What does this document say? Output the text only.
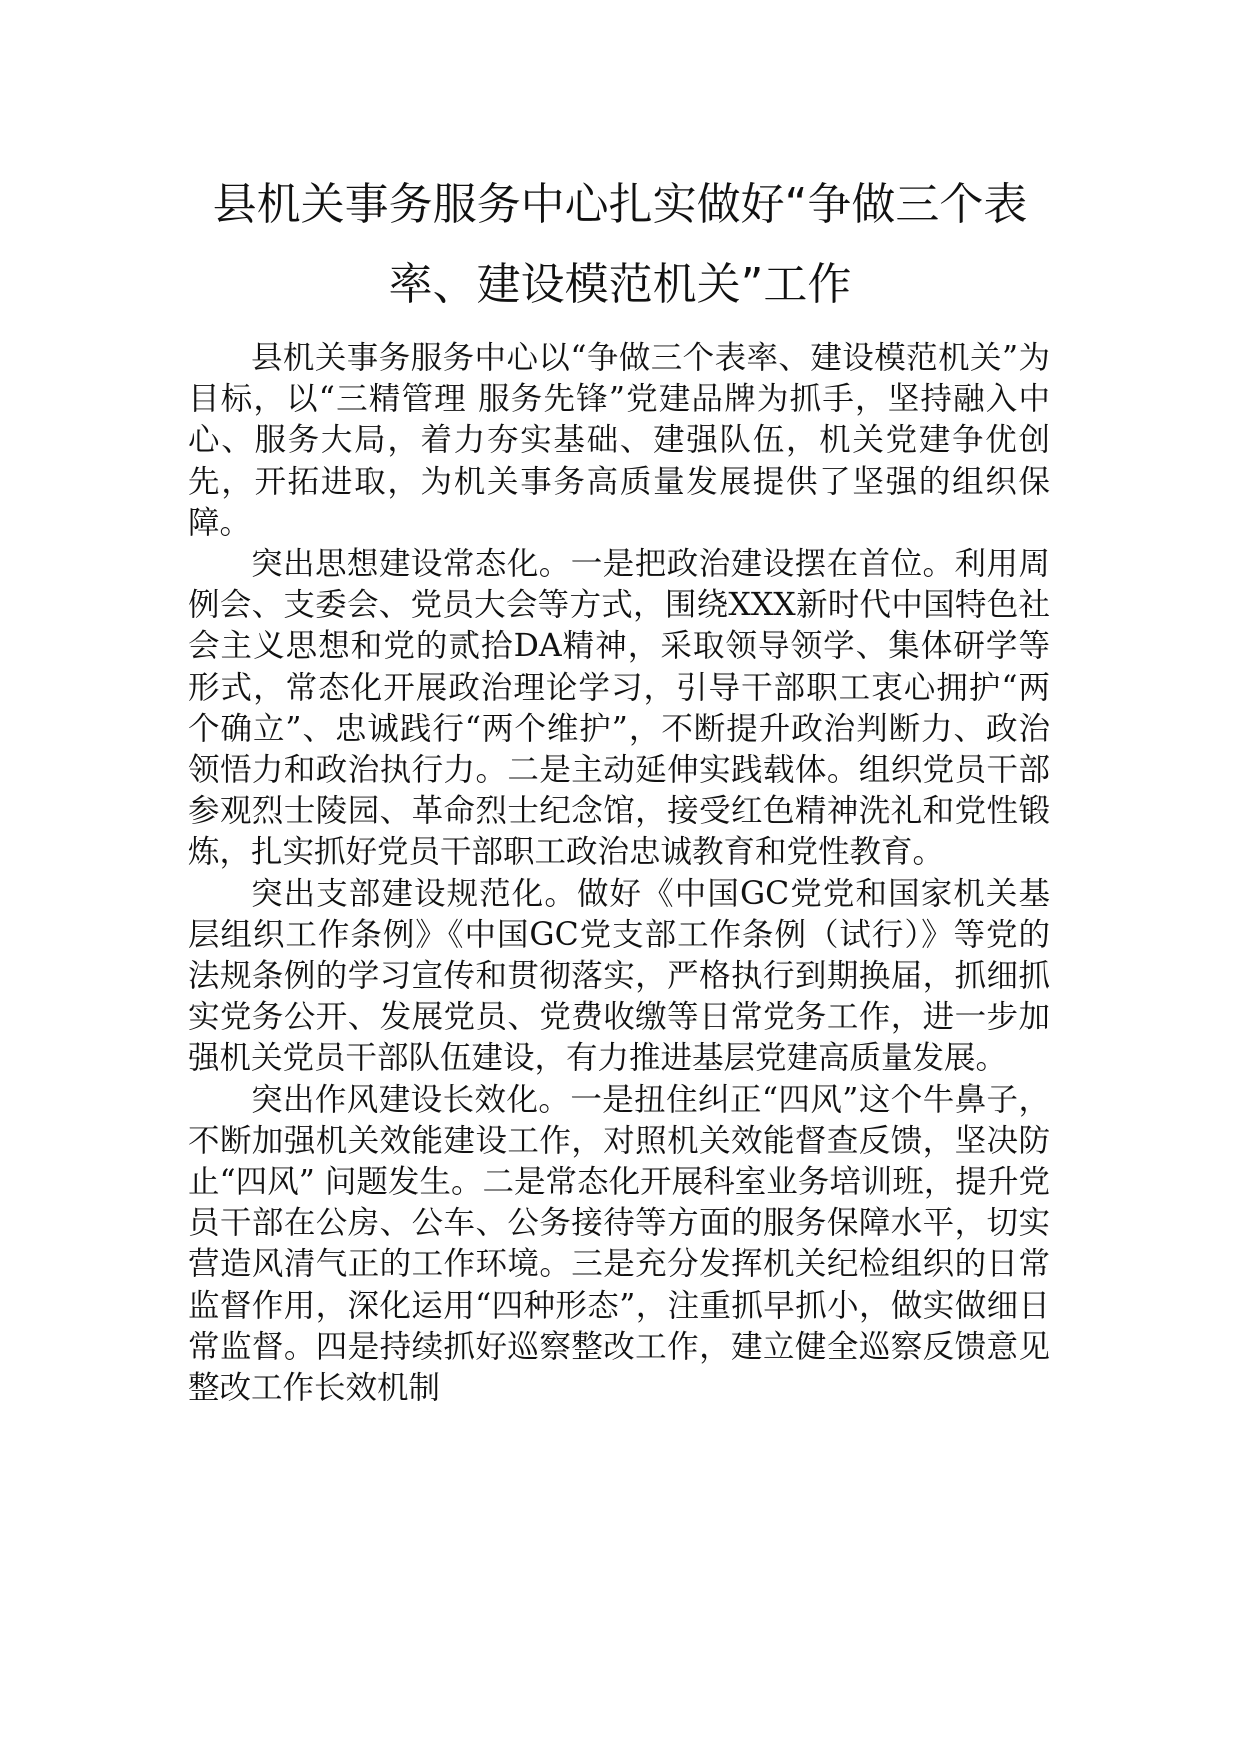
县机关事务服务中心扎实做好“争做三个表率、建设模范机关”工作

县机关事务服务中心以“争做三个表率、建设模范机关”为目标，以“三精管理 服务先锋”党建品牌为抓手，坚持融入中心、服务大局，着力夯实基础、建强队伍，机关党建争优创先，开拓进取，为机关事务高质量发展提供了坚强的组织保障。

突出思想建设常态化。一是把政治建设摆在首位。利用周例会、支委会、党员大会等方式，围绕XXX新时代中国特色社会主义思想和党的贰拾DA精神，采取领导领学、集体研学等形式，常态化开展政治理论学习，引导干部职工衷心拥护“两个确立”、忠诚践行“两个维护”，不断提升政治判断力、政治领悟力和政治执行力。二是主动延伸实践载体。组织党员干部参观烈士陵园、革命烈士纪念馆，接受红色精神洗礼和党性锻炼，扎实抓好党员干部职工政治忠诚教育和党性教育。

突出支部建设规范化。做好《中国GC党党和国家机关基层组织工作条例》《中国GC党支部工作条例（试行）》等党的法规条例的学习宣传和贯彻落实，严格执行到期换届，抓细抓实党务公开、发展党员、党费收缴等日常党务工作，进一步加强机关党员干部队伍建设，有力推进基层党建高质量发展。

突出作风建设长效化。一是扭住纠正“四风”这个牛鼻子，不断加强机关效能建设工作，对照机关效能督查反馈，坚决防止“四风” 问题发生。二是常态化开展科室业务培训班，提升党员干部在公房、公车、公务接待等方面的服务保障水平，切实营造风清气正的工作环境。三是充分发挥机关纪检组织的日常监督作用，深化运用“四种形态”，注重抓早抓小，做实做细日常监督。四是持续抓好巡察整改工作，建立健全巡察反馈意见整改工作长效机制
